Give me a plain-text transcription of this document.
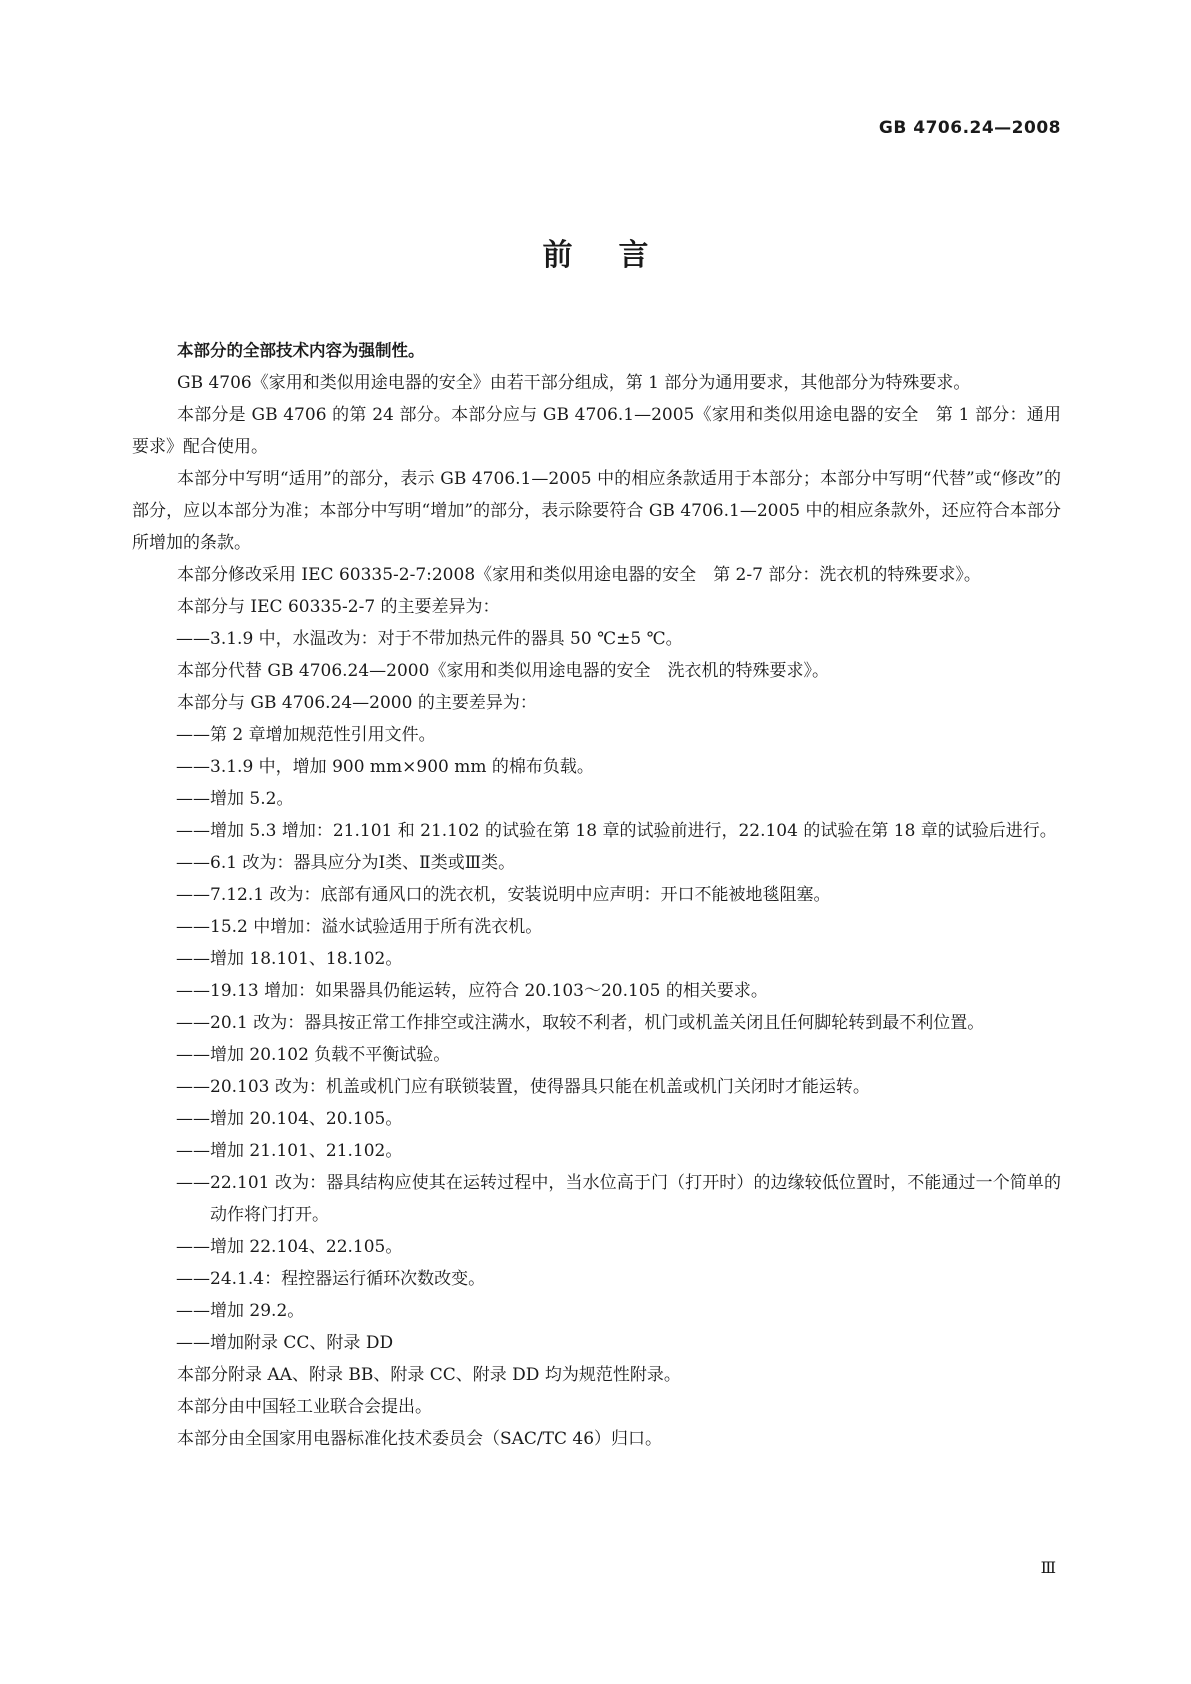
GB 4706.24—2008
前言

本部分的全部技术内容为强制性。

GB 4706《家用和类似用途电器的安全》由若干部分组成，第 1 部分为通用要求，其他部分为特殊要求。

本部分是 GB 4706 的第 24 部分。本部分应与 GB 4706.1—2005《家用和类似用途电器的安全　第 1 部分：通用要求》配合使用。

本部分中写明“适用”的部分，表示 GB 4706.1—2005 中的相应条款适用于本部分；本部分中写明“代替”或“修改”的部分，应以本部分为准；本部分中写明“增加”的部分，表示除要符合 GB 4706.1—2005 中的相应条款外，还应符合本部分所增加的条款。

本部分修改采用 IEC 60335-2-7:2008《家用和类似用途电器的安全　第 2-7 部分：洗衣机的特殊要求》。

本部分与 IEC 60335-2-7 的主要差异为：

——3.1.9 中，水温改为：对于不带加热元件的器具 50 ℃±5 ℃。

本部分代替 GB 4706.24—2000《家用和类似用途电器的安全　洗衣机的特殊要求》。

本部分与 GB 4706.24—2000 的主要差异为：

——第 2 章增加规范性引用文件。

——3.1.9 中，增加 900 mm×900 mm 的棉布负载。

——增加 5.2。

——增加 5.3 增加：21.101 和 21.102 的试验在第 18 章的试验前进行，22.104 的试验在第 18 章的试验后进行。

——6.1 改为：器具应分为Ⅰ类、Ⅱ类或Ⅲ类。

——7.12.1 改为：底部有通风口的洗衣机，安装说明中应声明：开口不能被地毯阻塞。

——15.2 中增加：溢水试验适用于所有洗衣机。

——增加 18.101、18.102。

——19.13 增加：如果器具仍能运转，应符合 20.103～20.105 的相关要求。

——20.1 改为：器具按正常工作排空或注满水，取较不利者，机门或机盖关闭且任何脚轮转到最不利位置。

——增加 20.102 负载不平衡试验。

——20.103 改为：机盖或机门应有联锁装置，使得器具只能在机盖或机门关闭时才能运转。

——增加 20.104、20.105。

——增加 21.101、21.102。

——22.101 改为：器具结构应使其在运转过程中，当水位高于门（打开时）的边缘较低位置时，不能通过一个简单的动作将门打开。

——增加 22.104、22.105。

——24.1.4：程控器运行循环次数改变。

——增加 29.2。

——增加附录 CC、附录 DD

本部分附录 AA、附录 BB、附录 CC、附录 DD 均为规范性附录。

本部分由中国轻工业联合会提出。

本部分由全国家用电器标准化技术委员会（SAC/TC 46）归口。

Ⅲ
